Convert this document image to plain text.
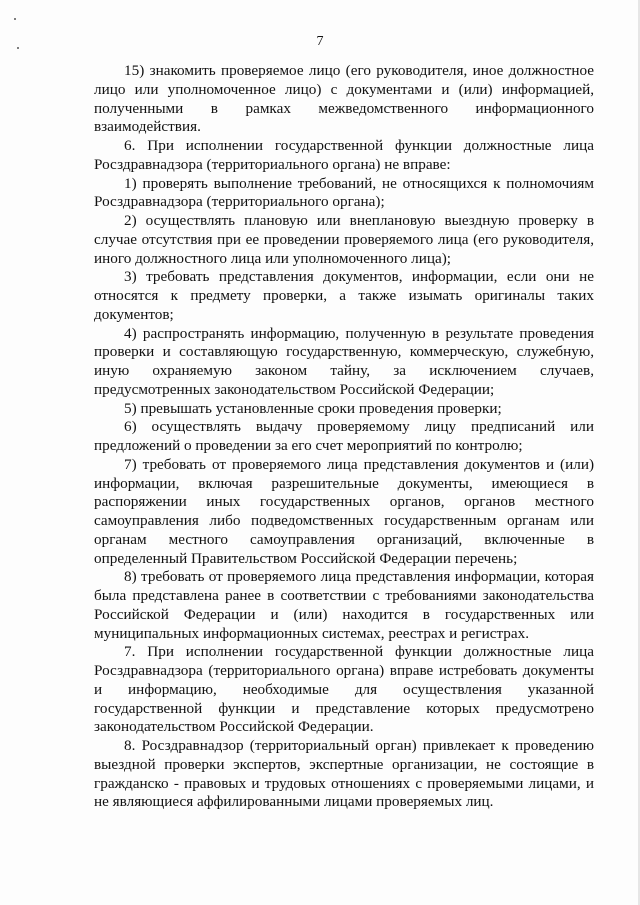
7

15) знакомить проверяемое лицо (его руководителя, иное должностное лицо или уполномоченное лицо) с документами и (или) информацией, полученными в рамках межведомственного информационного взаимодействия.

6. При исполнении государственной функции должностные лица Росздравнадзора (территориального органа) не вправе:

1) проверять выполнение требований, не относящихся к полномочиям Росздравнадзора (территориального органа);

2) осуществлять плановую или внеплановую выездную проверку в случае отсутствия при ее проведении проверяемого лица (его руководителя, иного должностного лица или уполномоченного лица);

3) требовать представления документов, информации, если они не относятся к предмету проверки, а также изымать оригиналы таких документов;

4) распространять информацию, полученную в результате проведения проверки и составляющую государственную, коммерческую, служебную, иную охраняемую законом тайну, за исключением случаев, предусмотренных законодательством Российской Федерации;

5) превышать установленные сроки проведения проверки;

6) осуществлять выдачу проверяемому лицу предписаний или предложений о проведении за его счет мероприятий по контролю;

7) требовать от проверяемого лица представления документов и (или) информации, включая разрешительные документы, имеющиеся в распоряжении иных государственных органов, органов местного самоуправления либо подведомственных государственным органам или органам местного самоуправления организаций, включенные в определенный Правительством Российской Федерации перечень;

8) требовать от проверяемого лица представления информации, которая была представлена ранее в соответствии с требованиями законодательства Российской Федерации и (или) находится в государственных или муниципальных информационных системах, реестрах и регистрах.

7. При исполнении государственной функции должностные лица Росздравнадзора (территориального органа) вправе истребовать документы и информацию, необходимые для осуществления указанной государственной функции и представление которых предусмотрено законодательством Российской Федерации.

8. Росздравнадзор (территориальный орган) привлекает к проведению выездной проверки экспертов, экспертные организации, не состоящие в гражданско - правовых и трудовых отношениях с проверяемыми лицами, и не являющиеся аффилированными лицами проверяемых лиц.
